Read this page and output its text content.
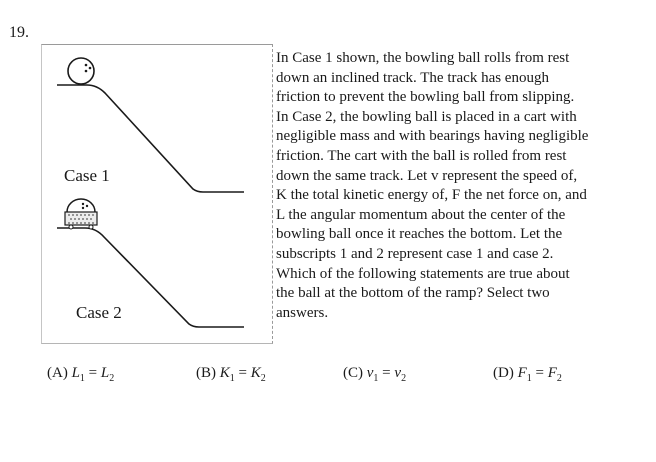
19.
Case 1
Case 2
In Case 1 shown, the bowling ball rolls from rest
down an inclined track. The track has enough
friction to prevent the bowling ball from slipping.
In Case 2, the bowling ball is placed in a cart with
negligible mass and with bearings having negligible
friction. The cart with the ball is rolled from rest
down the same track. Let v represent the speed of,
K the total kinetic energy of, F the net force on, and
L the angular momentum about the center of the
bowling ball once it reaches the bottom. Let the
subscripts 1 and 2 represent case 1 and case 2.
Which of the following statements are true about
the ball at the bottom of the ramp? Select two
answers.
(A) $L_1 = L_2$	(B) $K_1 = K_2$	(C) $v_1 = v_2$	(D) $F_1 = F_2$
